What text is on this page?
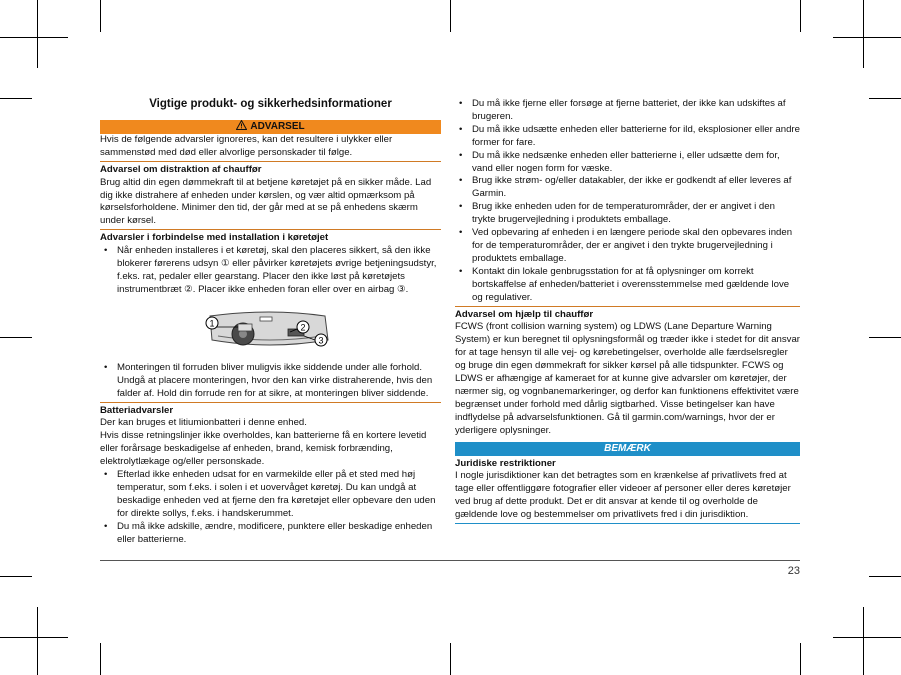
Vigtige produkt- og sikkerhedsinformationer
ADVARSEL

Hvis de følgende advarsler ignoreres, kan det resultere i ulykker eller sammenstød med død eller alvorlige personskader til følge.

Advarsel om distraktion af chauffør

Brug altid din egen dømmekraft til at betjene køretøjet på en sikker måde. Lad dig ikke distrahere af enheden under kørslen, og vær altid opmærksom på kørselsforholdene. Minimer den tid, der går med at se på enhedens skærm under kørsel.

Advarsler i forbindelse med installation i køretøjet
• Når enheden installeres i et køretøj, skal den placeres sikkert, så den ikke blokerer førerens udsyn ① eller påvirker køretøjets øvrige betjeningsudstyr, f.eks. rat, pedaler eller gearstang. Placer den ikke løst på køretøjets instrumentbræt ②. Placer ikke enheden foran eller over en airbag ③.
1	2
3
• Monteringen til forruden bliver muligvis ikke siddende under alle forhold. Undgå at placere monteringen, hvor den kan virke distraherende, hvis den falder af. Hold din forrude ren for at sikre, at monteringen bliver siddende.
Batteriadvarsler

Der kan bruges et litiumionbatteri i denne enhed.

Hvis disse retningslinjer ikke overholdes, kan batterierne få en kortere levetid eller forårsage beskadigelse af enheden, brand, kemisk forbrænding, elektrolytlækage og/eller personskade.

• Efterlad ikke enheden udsat for en varmekilde eller på et sted med høj temperatur, som f.eks. i solen i et uovervåget køretøj. Du kan undgå at beskadige enheden ved at fjerne den fra køretøjet eller opbevare den uden for direkte sollys, f.eks. i handskerummet.
• Du må ikke adskille, ændre, modificere, punktere eller beskadige enheden eller batterierne.
• Du må ikke fjerne eller forsøge at fjerne batteriet, der ikke kan udskiftes af brugeren.
• Du må ikke udsætte enheden eller batterierne for ild, eksplosioner eller andre former for fare.
• Du må ikke nedsænke enheden eller batterierne i, eller udsætte dem for, vand eller nogen form for væske.
• Brug ikke strøm- og/eller datakabler, der ikke er godkendt af eller leveres af Garmin.
• Brug ikke enheden uden for de temperaturområder, der er angivet i den trykte brugervejledning i produktets emballage.
• Ved opbevaring af enheden i en længere periode skal den opbevares inden for de temperaturområder, der er angivet i den trykte brugervejledning i produktets emballage.
• Kontakt din lokale genbrugsstation for at få oplysninger om korrekt bortskaffelse af enheden/batteriet i overensstemmelse med gældende love og regulativer.
Advarsel om hjælp til chauffør

FCWS (front collision warning system) og LDWS (Lane Departure Warning System) er kun beregnet til oplysningsformål og træder ikke i stedet for dit ansvar for at tage hensyn til alle vej- og kørebetingelser, overholde alle færdselsregler og bruge din egen dømmekraft for sikker kørsel på alle tidspunkter. FCWS og LDWS er afhængige af kameraet for at kunne give advarsler om køretøjer, der nærmer sig, og vognbanemarkeringer, og derfor kan funktionens effektivitet være begrænset under forhold med dårlig sigtbarhed. Visse betingelser kan have indflydelse på advarselsfunktionen. Gå til garmin.com/warnings, hvor der er yderligere oplysninger.

BEMÆRK
Juridiske restriktioner

I nogle jurisdiktioner kan det betragtes som en krænkelse af privatlivets fred at tage eller offentliggøre fotografier eller videoer af personer eller deres køretøjer ved brug af dette produkt. Det er dit ansvar at kende til og overholde de gældende love og bestemmelser om privatlivets fred i din jurisdiktion.

23
